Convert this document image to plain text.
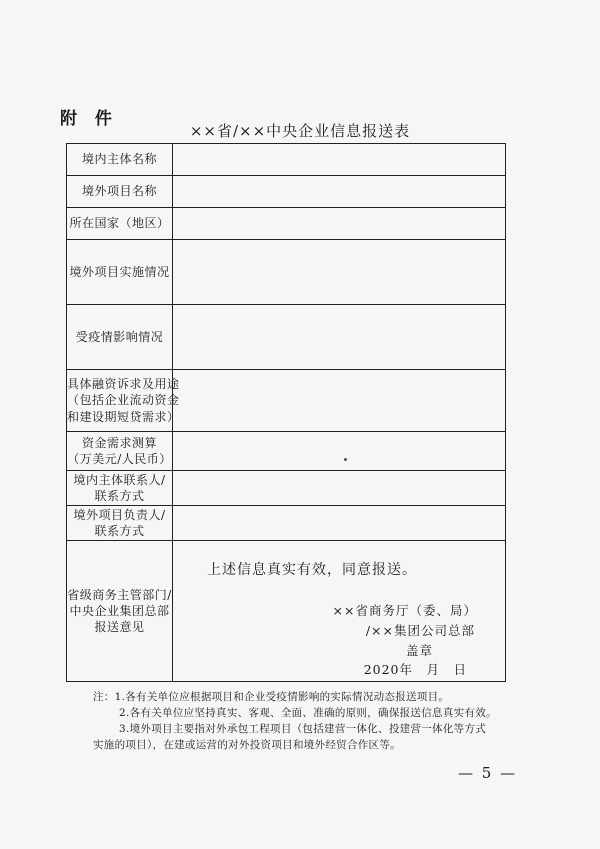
附 件
××省/××中央企业信息报送表
境内主体名称	

境外项目名称	

所在国家（地区）	

境外项目实施情况	

受疫情影响情况	

具体融资诉求及用途
（包括企业流动资金
和建设期短贷需求）	

资金需求测算
（万美元/人民币）	

境内主体联系人/
联系方式	

境外项目负责人/
联系方式	

省级商务主管部门/
中央企业集团总部
报送意见	上述信息真实有效，同意报送。
××省商务厅（委、局）
/××集团公司总部
盖章
2020年　月　日
注：1.各有关单位应根据项目和企业受疫情影响的实际情况动态报送项目。
2.各有关单位应坚持真实、客观、全面、准确的原则，确保报送信息真实有效。
3.境外项目主要指对外承包工程项目（包括建营一体化、投建营一体化等方式
实施的项目），在建或运营的对外投资项目和境外经贸合作区等。
— 5 —
